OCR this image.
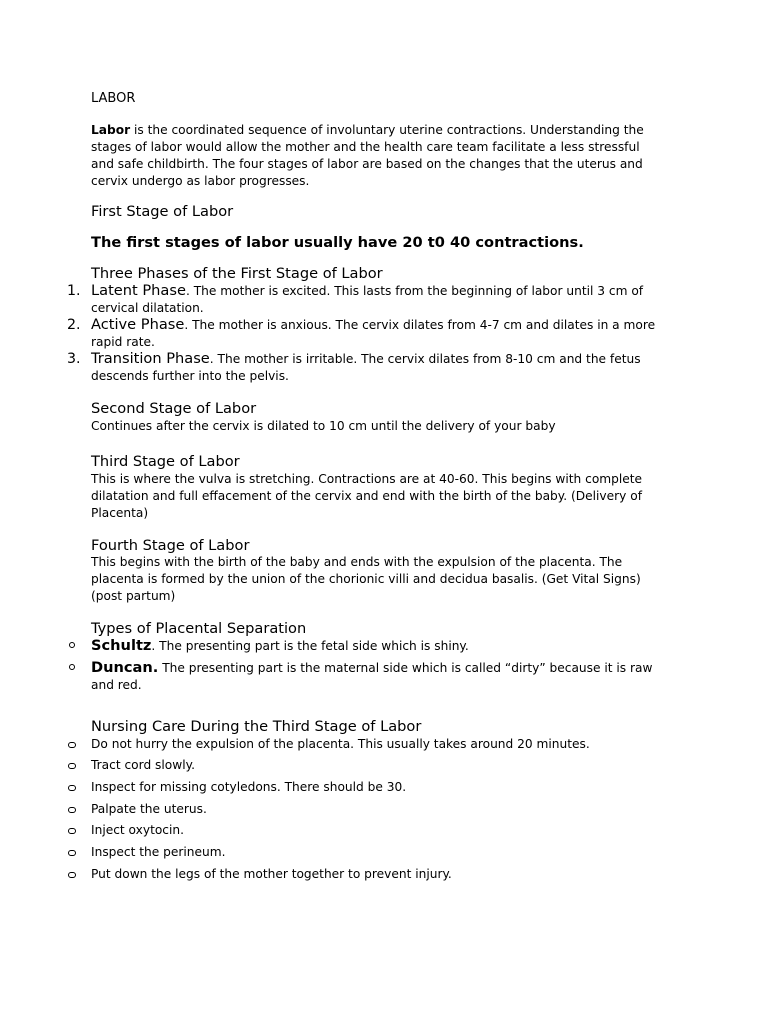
LABOR
Labor is the coordinated sequence of involuntary uterine contractions. Understanding the
stages of labor would allow the mother and the health care team facilitate a less stressful
and safe childbirth. The four stages of labor are based on the changes that the uterus and
cervix undergo as labor progresses.
First Stage of Labor
The first stages of labor usually have 20 t0 40 contractions.
Three Phases of the First Stage of Labor
1. Latent Phase. The mother is excited. This lasts from the beginning of labor until 3 cm of
cervical dilatation.
2. Active Phase. The mother is anxious. The cervix dilates from 4-7 cm and dilates in a more
rapid rate.
3. Transition Phase. The mother is irritable. The cervix dilates from 8-10 cm and the fetus
descends further into the pelvis.
Second Stage of Labor
Continues after the cervix is dilated to 10 cm until the delivery of your baby
Third Stage of Labor
This is where the vulva is stretching. Contractions are at 40-60. This begins with complete
dilatation and full effacement of the cervix and end with the birth of the baby. (Delivery of
Placenta)
Fourth Stage of Labor
This begins with the birth of the baby and ends with the expulsion of the placenta. The
placenta is formed by the union of the chorionic villi and decidua basalis. (Get Vital Signs)
(post partum)
Types of Placental Separation
Schultz. The presenting part is the fetal side which is shiny.
Duncan. The presenting part is the maternal side which is called “dirty” because it is raw
and red.
Nursing Care During the Third Stage of Labor
Do not hurry the expulsion of the placenta. This usually takes around 20 minutes.
Tract cord slowly.
Inspect for missing cotyledons. There should be 30.
Palpate the uterus.
Inject oxytocin.
Inspect the perineum.
Put down the legs of the mother together to prevent injury.
